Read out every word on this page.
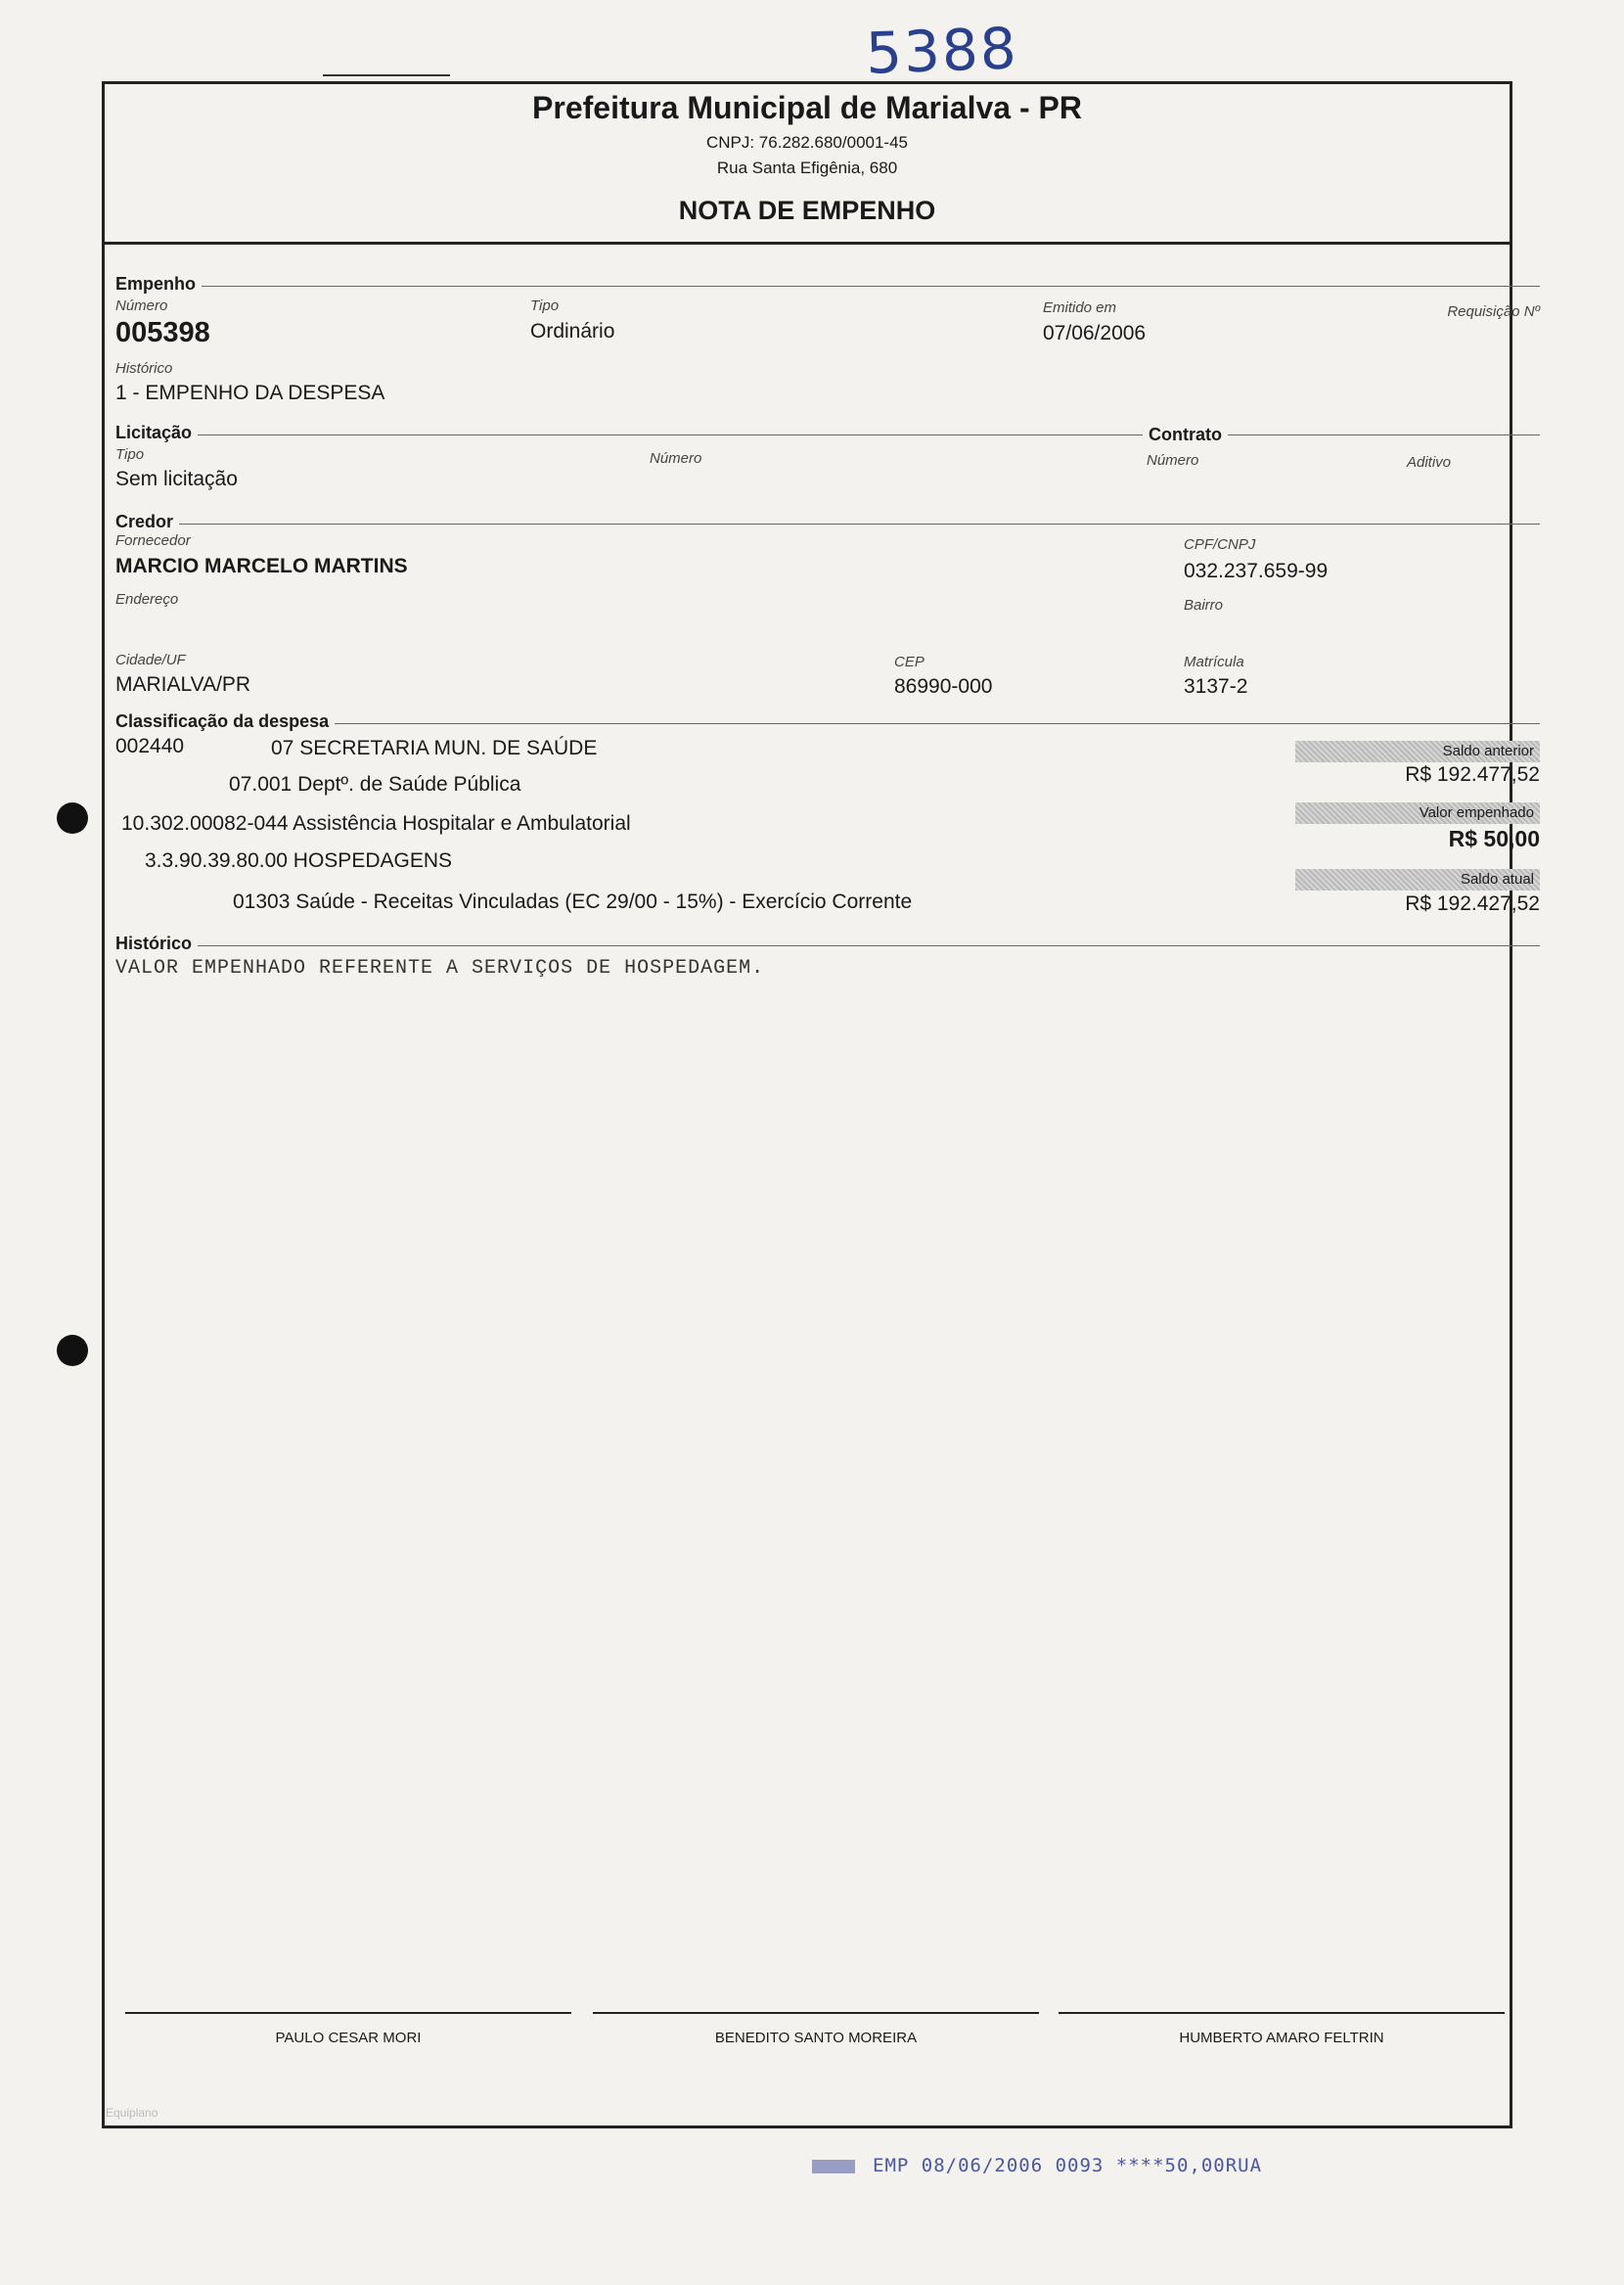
5388
Prefeitura Municipal de Marialva - PR
CNPJ: 76.282.680/0001-45
Rua Santa Efigênia, 680
NOTA DE EMPENHO
Empenho
Número
005398
Tipo
Ordinário
Emitido em
07/06/2006
Requisição Nº
Histórico
1 - EMPENHO DA DESPESA
Licitação	Contrato
Tipo
Sem licitação
Número	Número	Aditivo
Credor
Fornecedor
MARCIO MARCELO MARTINS
CPF/CNPJ
032.237.659-99
Endereço	Bairro
Cidade/UF
MARIALVA/PR
CEP
86990-000
Matrícula
3137-2
Classificação da despesa
002440	07 SECRETARIA MUN. DE SAÚDE
07.001 Deptº. de Saúde Pública
10.302.00082-044 Assistência Hospitalar e Ambulatorial
3.3.90.39.80.00 HOSPEDAGENS
01303 Saúde - Receitas Vinculadas (EC 29/00 - 15%) - Exercício Corrente
Saldo anterior
R$ 192.477,52
Valor empenhado
R$ 50,00
Saldo atual
R$ 192.427,52
Histórico
VALOR EMPENHADO REFERENTE A SERVIÇOS DE HOSPEDAGEM.
PAULO CESAR MORI	BENEDITO SANTO MOREIRA	HUMBERTO AMARO FELTRIN
Equiplano
EMP 08/06/2006 0093 ****50,00RUA
